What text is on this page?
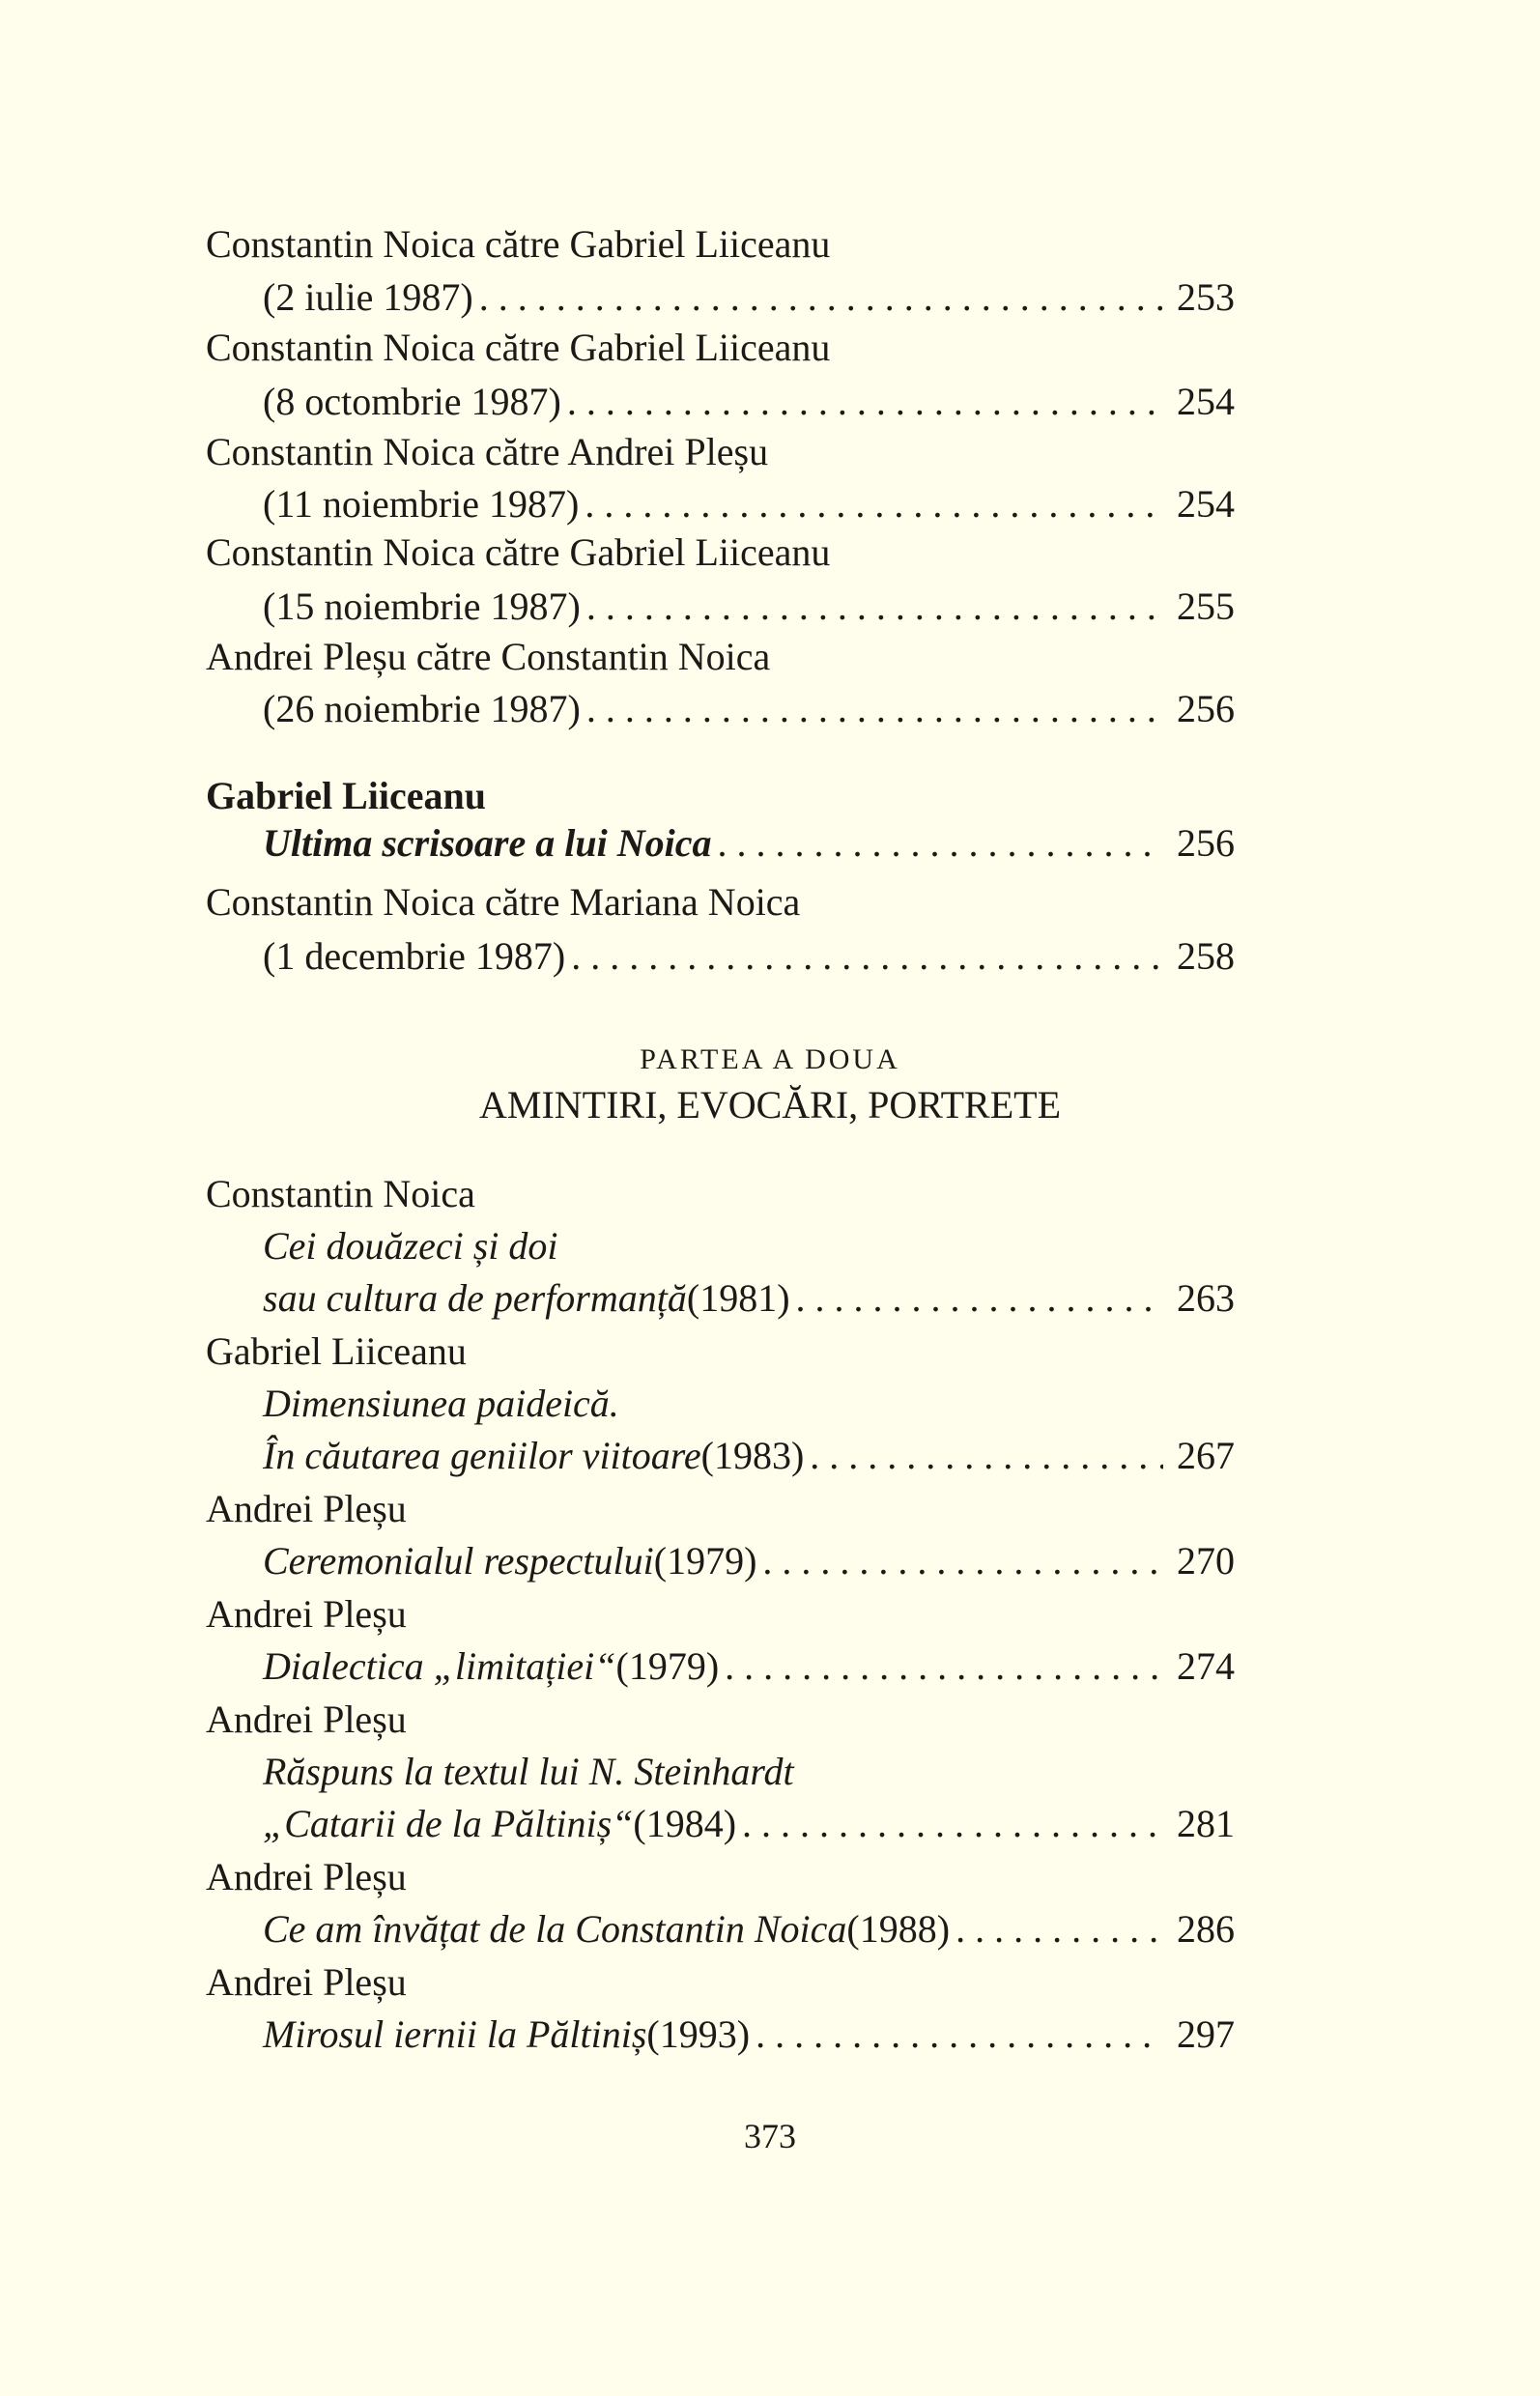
Constantin Noica către Gabriel Liiceanu
(2 iulie 1987) . . .	253
Constantin Noica către Gabriel Liiceanu
(8 octombrie 1987) . . .	254
Constantin Noica către Andrei Pleșu
(11 noiembrie 1987) . . .	254
Constantin Noica către Gabriel Liiceanu
(15 noiembrie 1987) . . .	255
Andrei Pleșu către Constantin Noica
(26 noiembrie 1987) . . .	256
Gabriel Liiceanu
Ultima scrisoare a lui Noica . . .	256
Constantin Noica către Mariana Noica
(1 decembrie 1987) . . .	258
Constantin Noica
Cei douăzeci și doi
sau cultura de performanță (1981) . . .	263
Gabriel Liiceanu
Dimensiunea paideică.
În căutarea geniilor viitoare (1983) . . .	267
Andrei Pleșu
Ceremonialul respectului (1979) . . .	270
Andrei Pleșu
Dialectica „limitației“ (1979) . . .	274
Andrei Pleșu
Răspuns la textul lui N. Steinhardt
„Catarii de la Păltiniș“ (1984) . . .	281
Andrei Pleșu
Ce am învățat de la Constantin Noica (1988) . . .	286
Andrei Pleșu
Mirosul iernii la Păltiniș (1993) . . .	297
PARTEA A DOUA
AMINTIRI, EVOCĂRI, PORTRETE
373
